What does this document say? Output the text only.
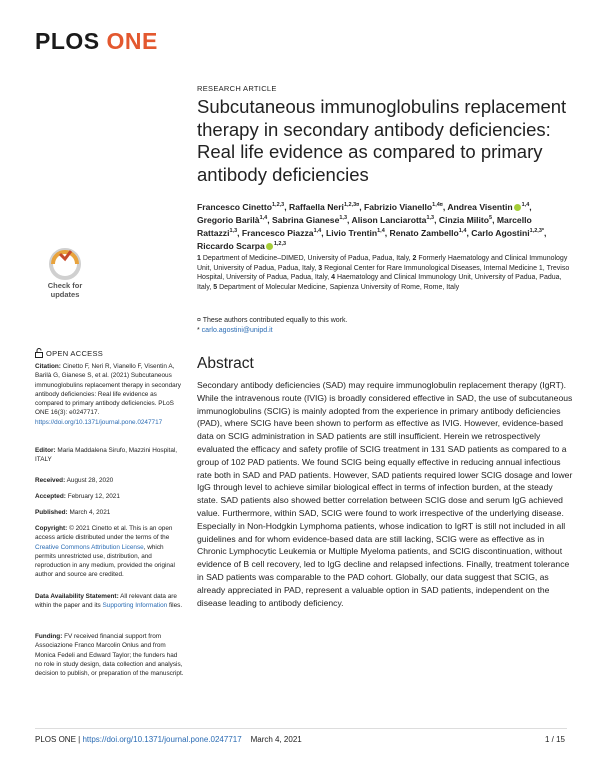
PLOS ONE
RESEARCH ARTICLE
Subcutaneous immunoglobulins replacement therapy in secondary antibody deficiencies: Real life evidence as compared to primary antibody deficiencies
Francesco Cinetto$^{1,2,3}$, Raffaella Neri$^{1,2,3¤}$, Fabrizio Vianello$^{1,4¤}$, Andrea Visentin $^{1,4}$, Gregorio Barilà$^{1,4}$, Sabrina Gianese$^{1,3}$, Alison Lanciarotta$^{1,3}$, Cinzia Milito$^5$, Marcello Rattazzi$^{1,3}$, Francesco Piazza$^{1,4}$, Livio Trentin$^{1,4}$, Renato Zambello$^{1,4}$, Carlo Agostini$^{1,2,3*}$, Riccardo Scarpa $^{1,2,3}$
1 Department of Medicine–DIMED, University of Padua, Padua, Italy, 2 Formerly Haematology and Clinical Immunology Unit, University of Padua, Padua, Italy, 3 Regional Center for Rare Immunological Diseases, Internal Medicine 1, Treviso Hospital, University of Padua, Padua, Italy, 4 Haematology and Clinical Immunology Unit, University of Padua, Padua, Italy, 5 Department of Molecular Medicine, Sapienza University of Rome, Rome, Italy
¤ These authors contributed equally to this work.
* carlo.agostini@unipd.it
Check for updates
OPEN ACCESS
Citation: Cinetto F, Neri R, Vianello F, Visentin A, Barilà G, Gianese S, et al. (2021) Subcutaneous immunoglobulins replacement therapy in secondary antibody deficiencies: Real life evidence as compared to primary antibody deficiencies. PLoS ONE 16(3): e0247717. https://doi.org/10.1371/journal.pone.0247717
Editor: Maria Maddalena Sirufo, Mazzini Hospital, ITALY
Received: August 28, 2020
Accepted: February 12, 2021
Published: March 4, 2021
Copyright: © 2021 Cinetto et al. This is an open access article distributed under the terms of the Creative Commons Attribution License, which permits unrestricted use, distribution, and reproduction in any medium, provided the original author and source are credited.
Data Availability Statement: All relevant data are within the paper and its Supporting Information files.
Funding: FV received financial support from Associazione Franco Marcolin Onlus and from Monica Fedeli and Edward Taylor; the funders had no role in study design, data collection and analysis, decision to publish, or preparation of the manuscript.
Abstract

Secondary antibody deficiencies (SAD) may require immunoglobulin replacement therapy (IgRT). While the intravenous route (IVIG) is broadly considered effective in SAD, the use of subcutaneous immunoglobulins (SCIG) is mainly adopted from the experience in primary antibody deficiencies (PAD), where SCIG have been shown to perform as effective as IVIG. However, evidence-based data on SCIG administration in SAD patients are still insufficient. Herein we retrospectively evaluated the efficacy and safety profile of SCIG treatment in 131 SAD patients as compared to a group of 102 PAD patients. We found SCIG being equally effective in reducing annual infectious rate both in SAD and PAD patients. However, SAD patients required lower SCIG dosage and lower IgG through level to achieve similar biological effect in terms of infection burden, at the steady state. SAD patients also showed better correlation between SCIG dose and serum IgG achieved value. Furthermore, within SAD, SCIG were found to work irrespective of the underlying disease. Especially in Non-Hodgkin Lymphoma patients, whose indication to IgRT is still not included in all guidelines and for whom evidence-based data are still lacking, SCIG were as effective as in Chronic Lymphocytic Leukemia or Multiple Myeloma patients, and SCIG discontinuation, without evidence of B cell recovery, led to IgG decline and relapsed infections. Finally, treatment tolerance in SAD patients was comparable to the PAD cohort. Globally, our data suggest that SCIG, as already appreciated in PAD, represent a valuable option in SAD patients, independent on the disease leading to antibody deficiency.

PLOS ONE | https://doi.org/10.1371/journal.pone.0247717 March 4, 2021	1 / 15
